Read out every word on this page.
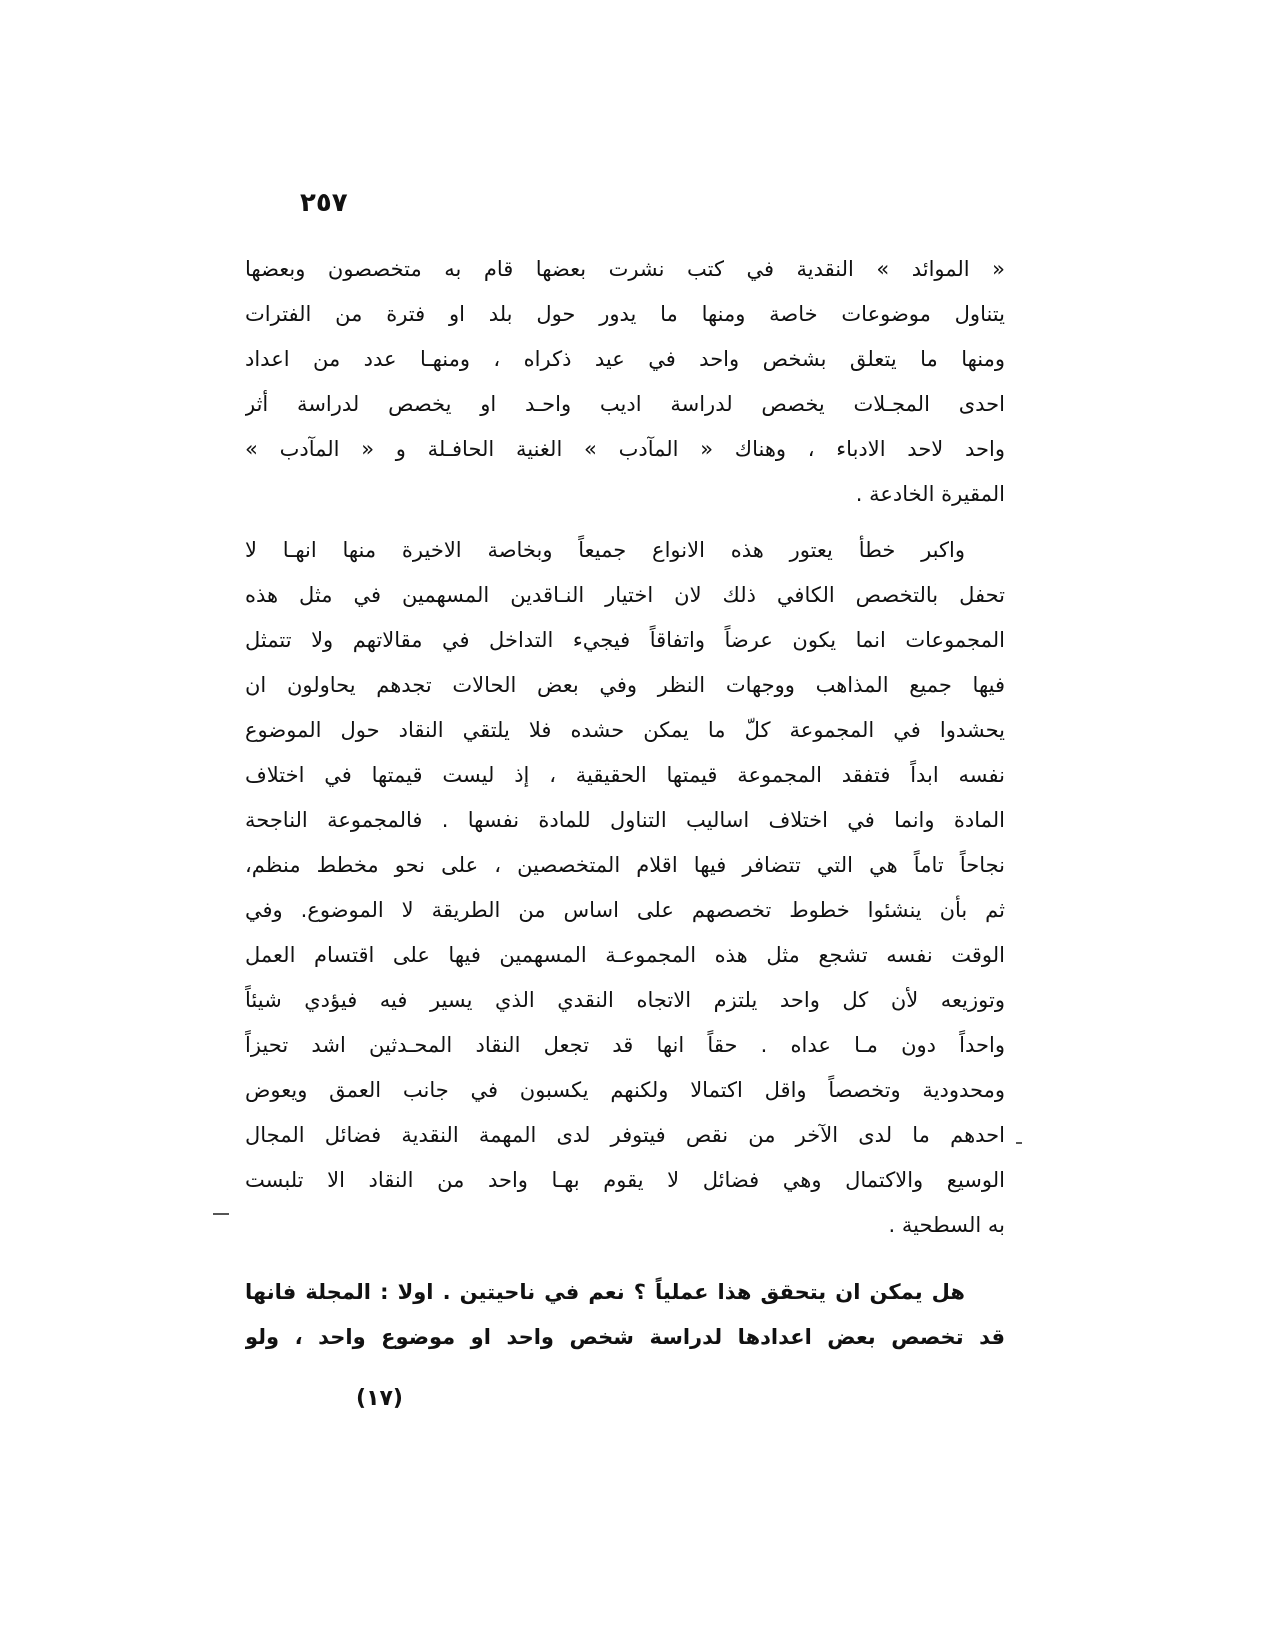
٢٥٧
« الموائد » النقدية في كتب نشرت بعضها قام به متخصصون وبعضها
يتناول موضوعات خاصة ومنها ما يدور حول بلد او فترة من الفترات
ومنها ما يتعلق بشخص واحد في عيد ذكراه ، ومنهـا عدد من اعداد
احدى المجـلات يخصص لدراسة اديب واحـد او يخصص لدراسة أثر
واحد لاحد الادباء ، وهناك « المآدب » الغنية الحافـلة و « المآدب »
المقيرة الخادعة .
واكبر خطأ يعتور هذه الانواع جميعاً وبخاصة الاخيرة منها انهـا لا
تحفل بالتخصص الكافي ذلك لان اختيار النـاقدين المسهمين في مثل هذه
المجموعات انما يكون عرضاً واتفاقاً فيجيء التداخل في مقالاتهم ولا تتمثل
فيها جميع المذاهب ووجهات النظر وفي بعض الحالات تجدهم يحاولون ان
يحشدوا في المجموعة كلّ ما يمكن حشده فلا يلتقي النقاد حول الموضوع
نفسه ابداً فتفقد المجموعة قيمتها الحقيقية ، إذ ليست قيمتها في اختلاف
المادة وانما في اختلاف اساليب التناول للمادة نفسها . فالمجموعة الناجحة
نجاحاً تاماً هي التي تتضافر فيها اقلام المتخصصين ، على نحو مخطط منظم،
ثم بأن ينشئوا خطوط تخصصهم على اساس من الطريقة لا الموضوع. وفي
الوقت نفسه تشجع مثل هذه المجموعـة المسهمين فيها على اقتسام العمل
وتوزيعه لأن كل واحد يلتزم الاتجاه النقدي الذي يسير فيه فيؤدي شيئاً
واحداً دون مـا عداه . حقاً انها قد تجعل النقاد المحـدثين اشد تحيزاً
ومحدودية وتخصصاً واقل اكتمالا ولكنهم يكسبون في جانب العمق ويعوض
احدهم ما لدى الآخر من نقص فيتوفر لدى المهمة النقدية فضائل المجال
الوسيع والاكتمال وهي فضائل لا يقوم بهـا واحد من النقاد الا تلبست
به السطحية .
هل يمكن ان يتحقق هذا عملياً ؟ نعم في ناحيتين . اولا : المجلة فانها
قد تخصص بعض اعدادها لدراسة شخص واحد او موضوع واحد ، ولو
(١٧)
